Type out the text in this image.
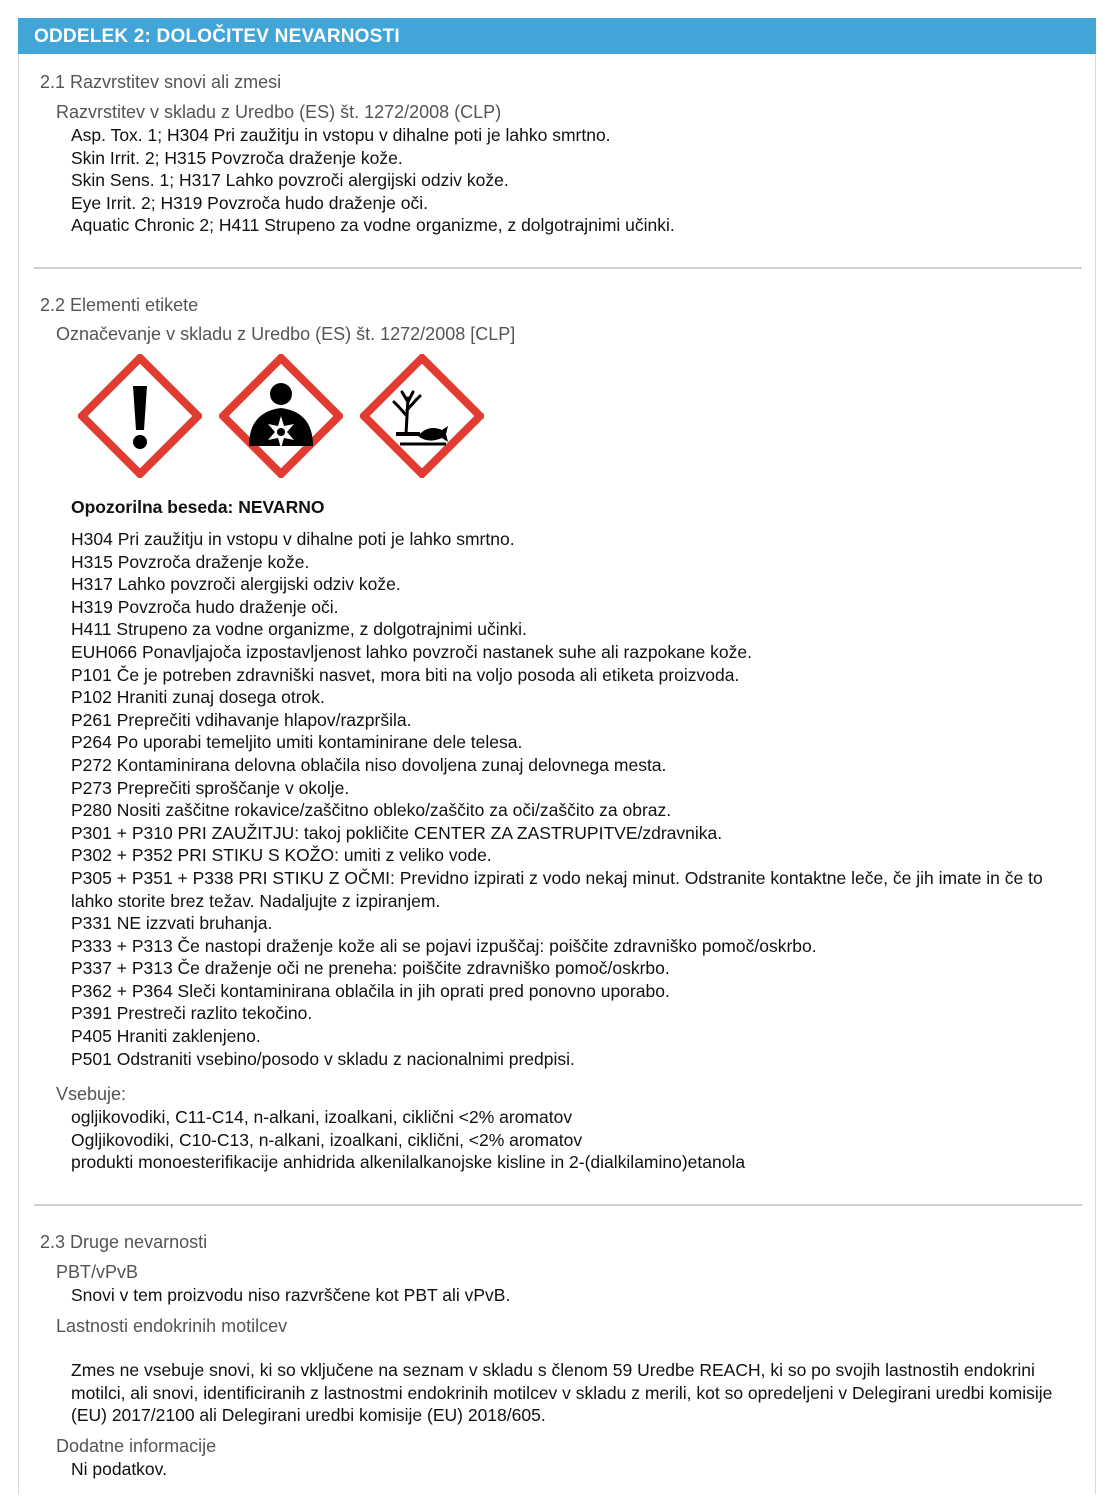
ODDELEK 2: DOLOČITEV NEVARNOSTI
2.1 Razvrstitev snovi ali zmesi
Razvrstitev v skladu z Uredbo (ES) št. 1272/2008 (CLP)
Asp. Tox. 1; H304 Pri zaužitju in vstopu v dihalne poti je lahko smrtno.
Skin Irrit. 2; H315 Povzroča draženje kože.
Skin Sens. 1; H317 Lahko povzroči alergijski odziv kože.
Eye Irrit. 2; H319 Povzroča hudo draženje oči.
Aquatic Chronic 2; H411 Strupeno za vodne organizme, z dolgotrajnimi učinki.
2.2 Elementi etikete
Označevanje v skladu z Uredbo (ES) št. 1272/2008 [CLP]
Opozorilna beseda: NEVARNO
H304 Pri zaužitju in vstopu v dihalne poti je lahko smrtno.
H315 Povzroča draženje kože.
H317 Lahko povzroči alergijski odziv kože.
H319 Povzroča hudo draženje oči.
H411 Strupeno za vodne organizme, z dolgotrajnimi učinki.
EUH066 Ponavljajoča izpostavljenost lahko povzroči nastanek suhe ali razpokane kože.
P101 Če je potreben zdravniški nasvet, mora biti na voljo posoda ali etiketa proizvoda.
P102 Hraniti zunaj dosega otrok.
P261 Preprečiti vdihavanje hlapov/razpršila.
P264 Po uporabi temeljito umiti kontaminirane dele telesa.
P272 Kontaminirana delovna oblačila niso dovoljena zunaj delovnega mesta.
P273 Preprečiti sproščanje v okolje.
P280 Nositi zaščitne rokavice/zaščitno obleko/zaščito za oči/zaščito za obraz.
P301 + P310 PRI ZAUŽITJU: takoj pokličite CENTER ZA ZASTRUPITVE/zdravnika.
P302 + P352 PRI STIKU S KOŽO: umiti z veliko vode.
P305 + P351 + P338 PRI STIKU Z OČMI: Previdno izpirati z vodo nekaj minut. Odstranite kontaktne leče, če jih imate in če to lahko storite brez težav. Nadaljujte z izpiranjem.
P331 NE izzvati bruhanja.
P333 + P313 Če nastopi draženje kože ali se pojavi izpuščaj: poiščite zdravniško pomoč/oskrbo.
P337 + P313 Če draženje oči ne preneha: poiščite zdravniško pomoč/oskrbo.
P362 + P364 Sleči kontaminirana oblačila in jih oprati pred ponovno uporabo.
P391 Prestreči razlito tekočino.
P405 Hraniti zaklenjeno.
P501 Odstraniti vsebino/posodo v skladu z nacionalnimi predpisi.
Vsebuje:
ogljikovodiki, C11-C14, n-alkani, izoalkani, ciklični <2% aromatov
Ogljikovodiki, C10-C13, n-alkani, izoalkani, ciklični, <2% aromatov
produkti monoesterifikacije anhidrida alkenilalkanojske kisline in 2-(dialkilamino)etanola
2.3 Druge nevarnosti
PBT/vPvB
Snovi v tem proizvodu niso razvrščene kot PBT ali vPvB.
Lastnosti endokrinih motilcev
Zmes ne vsebuje snovi, ki so vključene na seznam v skladu s členom 59 Uredbe REACH, ki so po svojih lastnostih endokrini motilci, ali snovi, identificiranih z lastnostmi endokrinih motilcev v skladu z merili, kot so opredeljeni v Delegirani uredbi komisije (EU) 2017/2100 ali Delegirani uredbi komisije (EU) 2018/605.
Dodatne informacije
Ni podatkov.
